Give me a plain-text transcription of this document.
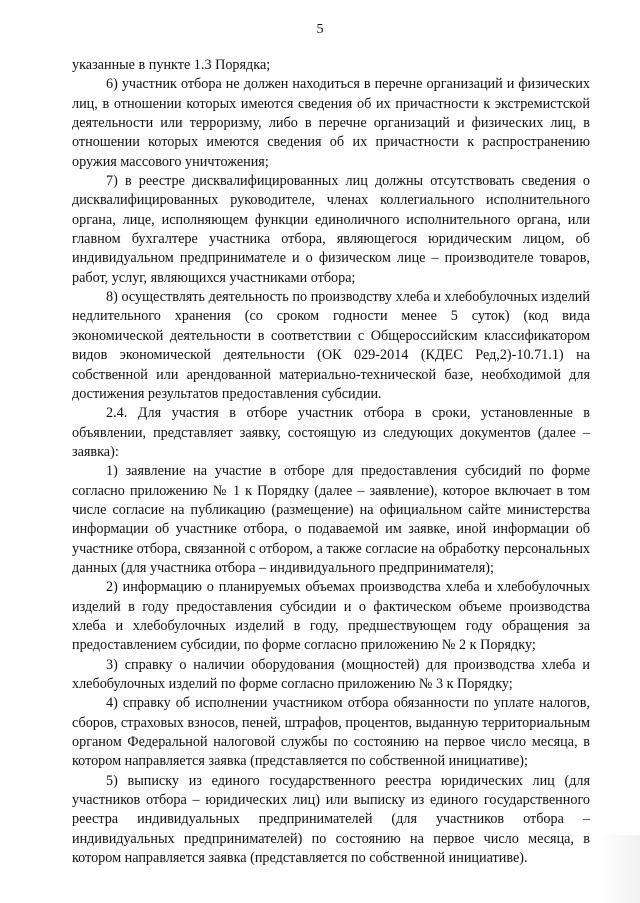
5

указанные в пункте 1.3 Порядка;

6) участник отбора не должен находиться в перечне организаций и физических лиц, в отношении которых имеются сведения об их причастности к экстремистской деятельности или терроризму, либо в перечне организаций и физических лиц, в отношении которых имеются сведения об их причастности к распространению оружия массового уничтожения;

7) в реестре дисквалифицированных лиц должны отсутствовать сведения о дисквалифицированных руководителе, членах коллегиального исполнительного органа, лице, исполняющем функции единоличного исполнительного органа, или главном бухгалтере участника отбора, являющегося юридическим лицом, об индивидуальном предпринимателе и о физическом лице – производителе товаров, работ, услуг, являющихся участниками отбора;

8) осуществлять деятельность по производству хлеба и хлебобулочных изделий недлительного хранения (со сроком годности менее 5 суток) (код вида экономической деятельности в соответствии с Общероссийским классификатором видов экономической деятельности (ОК 029-2014 (КДЕС Ред,2)-10.71.1) на собственной или арендованной материально-технической базе, необходимой для достижения результатов предоставления субсидии.

2.4. Для участия в отборе участник отбора в сроки, установленные в объявлении, представляет заявку, состоящую из следующих документов (далее – заявка):

1) заявление на участие в отборе для предоставления субсидий по форме согласно приложению № 1 к Порядку (далее – заявление), которое включает в том числе согласие на публикацию (размещение) на официальном сайте министерства информации об участнике отбора, о подаваемой им заявке, иной информации об участнике отбора, связанной с отбором, а также согласие на обработку персональных данных (для участника отбора – индивидуального предпринимателя);

2) информацию о планируемых объемах производства хлеба и хлебобулочных изделий в году предоставления субсидии и о фактическом объеме производства хлеба и хлебобулочных изделий в году, предшествующем году обращения за предоставлением субсидии, по форме согласно приложению № 2 к Порядку;

3) справку о наличии оборудования (мощностей) для производства хлеба и хлебобулочных изделий по форме согласно приложению № 3 к Порядку;

4) справку об исполнении участником отбора обязанности по уплате налогов, сборов, страховых взносов, пеней, штрафов, процентов, выданную территориальным органом Федеральной налоговой службы по состоянию на первое число месяца, в котором направляется заявка (представляется по собственной инициативе);

5) выписку из единого государственного реестра юридических лиц (для участников отбора – юридических лиц) или выписку из единого государственного реестра индивидуальных предпринимателей (для участников отбора – индивидуальных предпринимателей) по состоянию на первое число месяца, в котором направляется заявка (представляется по собственной инициативе).
